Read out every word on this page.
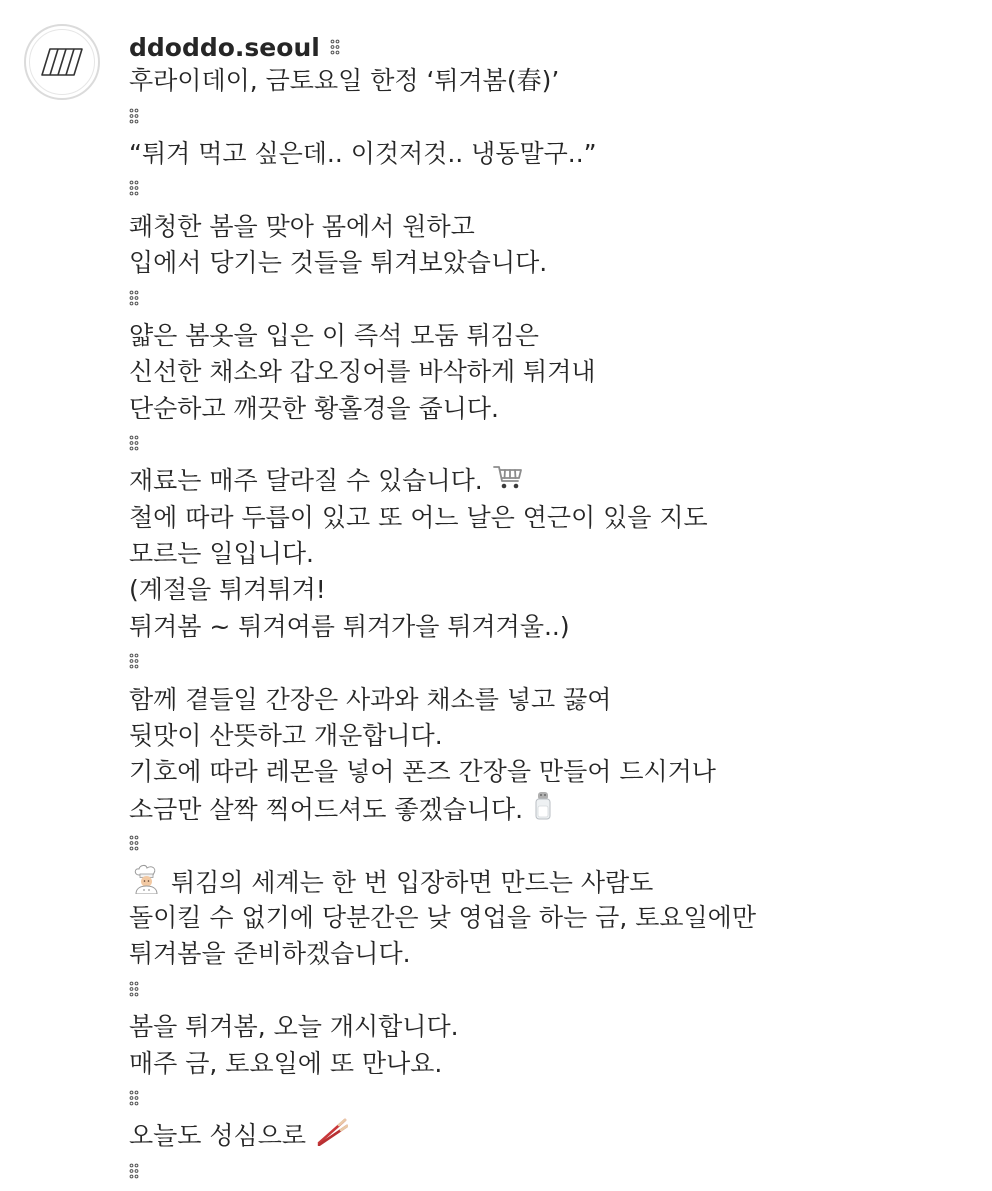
ddoddo.seoul
후라이데이, 금토요일 한정 ‘튀겨봄(春)’
“튀겨 먹고 싶은데.. 이것저것.. 냉동말구..”
쾌청한 봄을 맞아 몸에서 원하고
입에서 당기는 것들을 튀겨보았습니다.
얇은 봄옷을 입은 이 즉석 모둠 튀김은
신선한 채소와 갑오징어를 바삭하게 튀겨내
단순하고 깨끗한 황홀경을 줍니다.
재료는 매주 달라질 수 있습니다.
철에 따라 두릅이 있고 또 어느 날은 연근이 있을 지도
모르는 일입니다.
(계절을 튀겨튀겨!
튀겨봄 ~ 튀겨여름 튀겨가을 튀겨겨울..)
함께 곁들일 간장은 사과와 채소를 넣고 끓여
뒷맛이 산뜻하고 개운합니다.
기호에 따라 레몬을 넣어 폰즈 간장을 만들어 드시거나
소금만 살짝 찍어드셔도 좋겠습니다.
튀김의 세계는 한 번 입장하면 만드는 사람도
돌이킬 수 없기에 당분간은 낮 영업을 하는 금, 토요일에만
튀겨봄을 준비하겠습니다.
봄을 튀겨봄, 오늘 개시합니다.
매주 금, 토요일에 또 만나요.
오늘도 성심으로
